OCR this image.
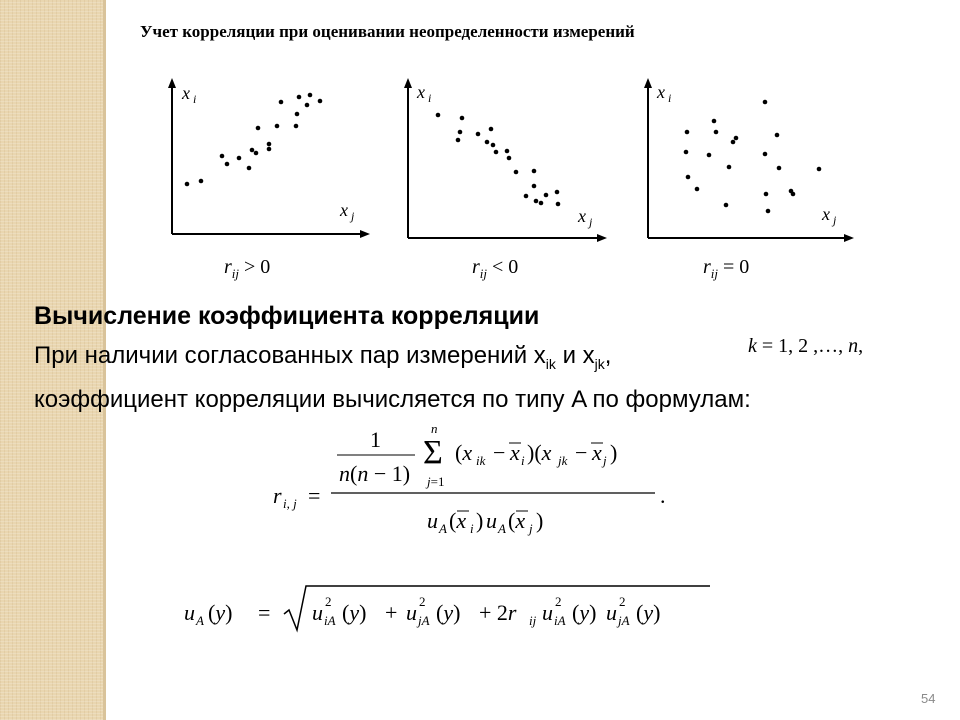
Учет корреляции при оценивании неопределенности измерений
x i
x j
$r_{ij} > 0$
x i
x j
$r_{ij} < 0$
x i
x j
$r_{ij} = 0$
Вычисление коэффициента корреляции
При наличии согласованных пар измерений $x_{ik}$ и $x_{jk}$,	k = 1, 2 ,…, n,
коэффициент корреляции вычисляется по типу A по формулам:
r i, j =	.
1
n(n − 1)
n
Σ
j=1
(x ik − x i )(x jk − x j )
u A (x i ) u A (x j )
u A (y) = u 2
iA (y) + u 2
jA (y) + 2r ij u 2
iA (y) u 2
jA (y)
54
